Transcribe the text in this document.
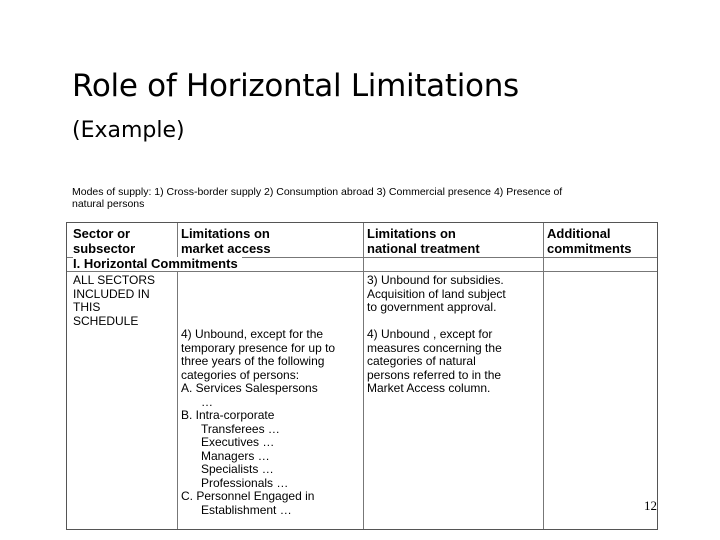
Role of Horizontal Limitations
(Example)
Modes of supply: 1) Cross-border supply 2) Consumption abroad 3) Commercial presence 4) Presence of
natural persons
Sector or
subsector
Limitations on
market access
Limitations on
national treatment
Additional
commitments
I. Horizontal Commitments
ALL SECTORS
INCLUDED IN
THIS
SCHEDULE
3) Unbound for subsidies.
Acquisition of land subject
to government approval.
4) Unbound, except for the
temporary presence for up to
three years of the following
categories of persons:
A. Services Salespersons
…
B. Intra-corporate
Transferees …
Executives …
Managers …
Specialists …
Professionals …
C. Personnel Engaged in
Establishment …
4) Unbound , except for
measures concerning the
categories of natural
persons referred to in the
Market Access column.
12
